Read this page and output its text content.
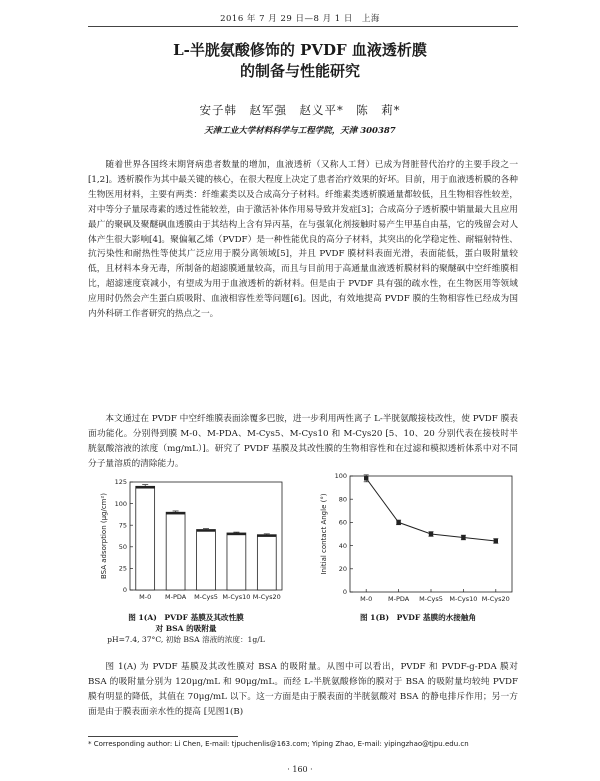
2016 年 7 月 29 日—8 月 1 日　上海
L-半胱氨酸修饰的 PVDF 血液透析膜
的制备与性能研究
安子韩　赵军强　赵义平*　陈　莉*
天津工业大学材料科学与工程学院，天津 300387

随着世界各国终末期肾病患者数量的增加，血液透析（又称人工肾）已成为肾脏替代治疗的主要手段之一[1,2]。透析膜作为其中最关键的核心，在很大程度上决定了患者治疗效果的好坏。目前，用于血液透析膜的各种生物医用材料，主要有两类：纤维素类以及合成高分子材料。纤维素类透析膜通量都较低，且生物相容性较差，对中等分子量尿毒素的透过性能较差，由于激活补体作用易导致并发症[3]；合成高分子透析膜中销量最大且应用最广的聚砜及聚醚砜血透膜由于其结构上含有异丙基，在与强氧化剂接触时易产生甲基自由基，它的残留会对人体产生很大影响[4]。聚偏氟乙烯（PVDF）是一种性能优良的高分子材料，其突出的化学稳定性、耐辐射特性、抗污染性和耐热性等使其广泛应用于膜分离领域[5]，并且 PVDF 膜材料表面光滑，表面能低，蛋白吸附量较低，且材料本身无毒，所制备的超滤膜通量较高，而且与目前用于高通量血液透析膜材料的聚醚砜中空纤维膜相比，超滤速度衰减小，有望成为用于血液透析的新材料。但是由于 PVDF 具有强的疏水性，在生物医用等领域应用时仍然会产生蛋白质吸附、血液相容性差等问题[6]。因此，有效地提高 PVDF 膜的生物相容性已经成为国内外科研工作者研究的热点之一。

本文通过在 PVDF 中空纤维膜表面涂覆多巴胺，进一步利用两性离子 L-半胱氨酸接枝改性，使 PVDF 膜表面功能化。分别得到膜 M-0、M-PDA、M-Cys5、M-Cys10 和 M-Cys20 [5、10、20 分别代表在接枝时半胱氨酸溶液的浓度（mg/mL）]。研究了 PVDF 基膜及其改性膜的生物相容性和在过滤和模拟透析体系中对不同分子量溶质的清除能力。

0
25
50
75
100
125
BSA adsorption (μg/cm²)
M-0 M-PDA M-Cys5 M-Cys10 M-Cys20
0
20
40
60
80
100
Initial contact Angle (°)
M-0 M-PDA M-Cys5 M-Cys10 M-Cys20
图 1(A)　PVDF 基膜及其改性膜
对 BSA 的吸附量
pH=7.4, 37°C, 初始 BSA 溶液的浓度：1g/L
图 1(B)　PVDF 基膜的水接触角

图 1(A) 为 PVDF 基膜及其改性膜对 BSA 的吸附量。从图中可以看出，PVDF 和 PVDF-g-PDA 膜对 BSA 的吸附量分别为 120μg/mL 和 90μg/mL。而经 L-半胱氨酸修饰的膜对于 BSA 的吸附量均较纯 PVDF 膜有明显的降低，其值在 70μg/mL 以下。这一方面是由于膜表面的半胱氨酸对 BSA 的静电排斥作用；另一方面是由于膜表面亲水性的提高 [见图1(B)

* Corresponding author: Li Chen, E-mail: tjpuchenlis@163.com; Yiping Zhao, E-mail: yipingzhao@tjpu.edu.cn
· 160 ·
